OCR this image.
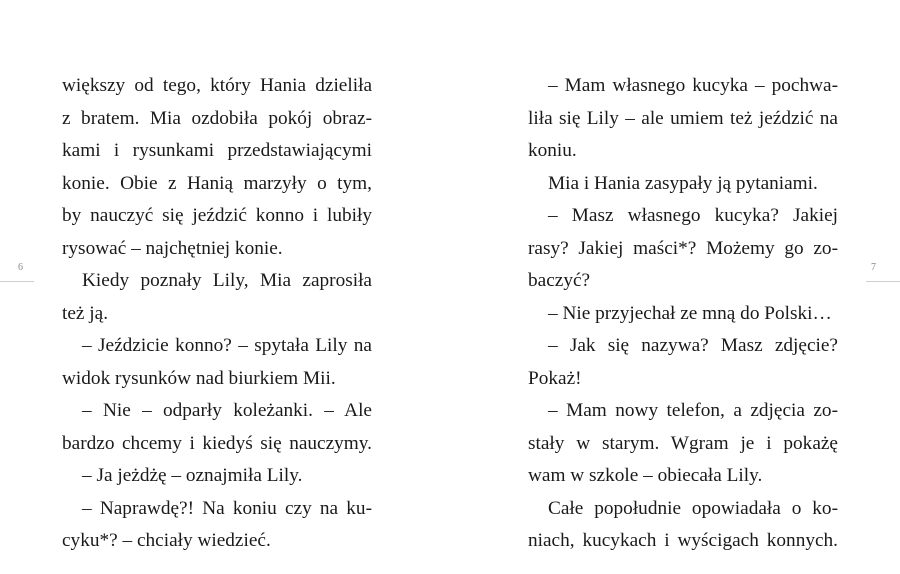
6
większy od tego, który Hania dzieliła
z bratem. Mia ozdobiła pokój obraz-
kami i rysunkami przedstawiającymi
konie. Obie z Hanią marzyły o tym,
by nauczyć się jeździć konno i lubiły
rysować – najchętniej konie.
Kiedy poznały Lily, Mia zaprosiła
też ją.
– Jeździcie konno? – spytała Lily na
widok rysunków nad biurkiem Mii.
– Nie – odparły koleżanki. – Ale
bardzo chcemy i kiedyś się nauczymy.
– Ja jeżdżę – oznajmiła Lily.
– Naprawdę?! Na koniu czy na ku-
cyku*? – chciały wiedzieć.
– Mam własnego kucyka – pochwa-
liła się Lily – ale umiem też jeździć na
koniu.
Mia i Hania zasypały ją pytaniami.
– Masz własnego kucyka? Jakiej
rasy? Jakiej maści*? Możemy go zo-
baczyć?
– Nie przyjechał ze mną do Polski…
– Jak się nazywa? Masz zdjęcie?
Pokaż!
– Mam nowy telefon, a zdjęcia zo-
stały w starym. Wgram je i pokażę
wam w szkole – obiecała Lily.
Całe popołudnie opowiadała o ko-
niach, kucykach i wyścigach konnych.
7
